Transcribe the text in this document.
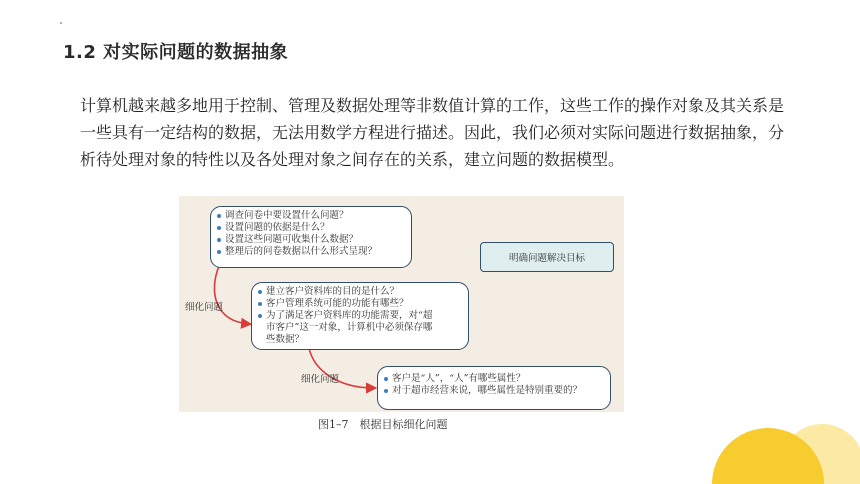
1.2 对实际问题的数据抽象
计算机越来越多地用于控制、管理及数据处理等非数值计算的工作，这些工作的操作对象及其关系是一些具有一定结构的数据，无法用数学方程进行描述。因此，我们必须对实际问题进行数据抽象，分析待处理对象的特性以及各处理对象之间存在的关系，建立问题的数据模型。
调查问卷中要设置什么问题？
设置问题的依据是什么？
设置这些问题可收集什么数据？
整理后的问卷数据以什么形式呈现？
明确问题解决目标
细化问题
建立客户资料库的目的是什么？
客户管理系统可能的功能有哪些？
为了满足客户资料库的功能需要，对“超
市客户”这一对象，计算机中必须保存哪
些数据？
细化问题	客户是“人”，“人”有哪些属性？
对于超市经营来说，哪些属性是特别重要的？
图1–7　根据目标细化问题
